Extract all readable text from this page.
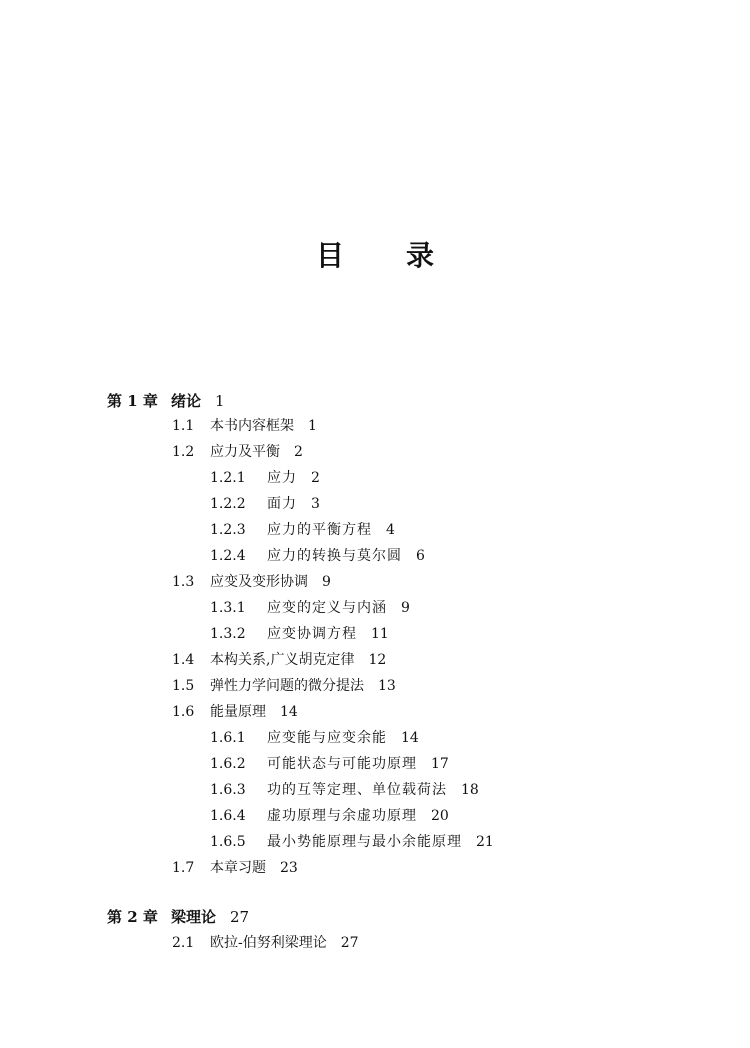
目 录
第 1 章 绪论 1
1.1 本书内容框架 1
1.2 应力及平衡 2
1.2.1 应力 2
1.2.2 面力 3
1.2.3 应力的平衡方程 4
1.2.4 应力的转换与莫尔圆 6
1.3 应变及变形协调 9
1.3.1 应变的定义与内涵 9
1.3.2 应变协调方程 11
1.4 本构关系,广义胡克定律 12
1.5 弹性力学问题的微分提法 13
1.6 能量原理 14
1.6.1 应变能与应变余能 14
1.6.2 可能状态与可能功原理 17
1.6.3 功的互等定理、单位载荷法 18
1.6.4 虚功原理与余虚功原理 20
1.6.5 最小势能原理与最小余能原理 21
1.7 本章习题 23
第 2 章 梁理论 27
2.1 欧拉-伯努利梁理论 27
